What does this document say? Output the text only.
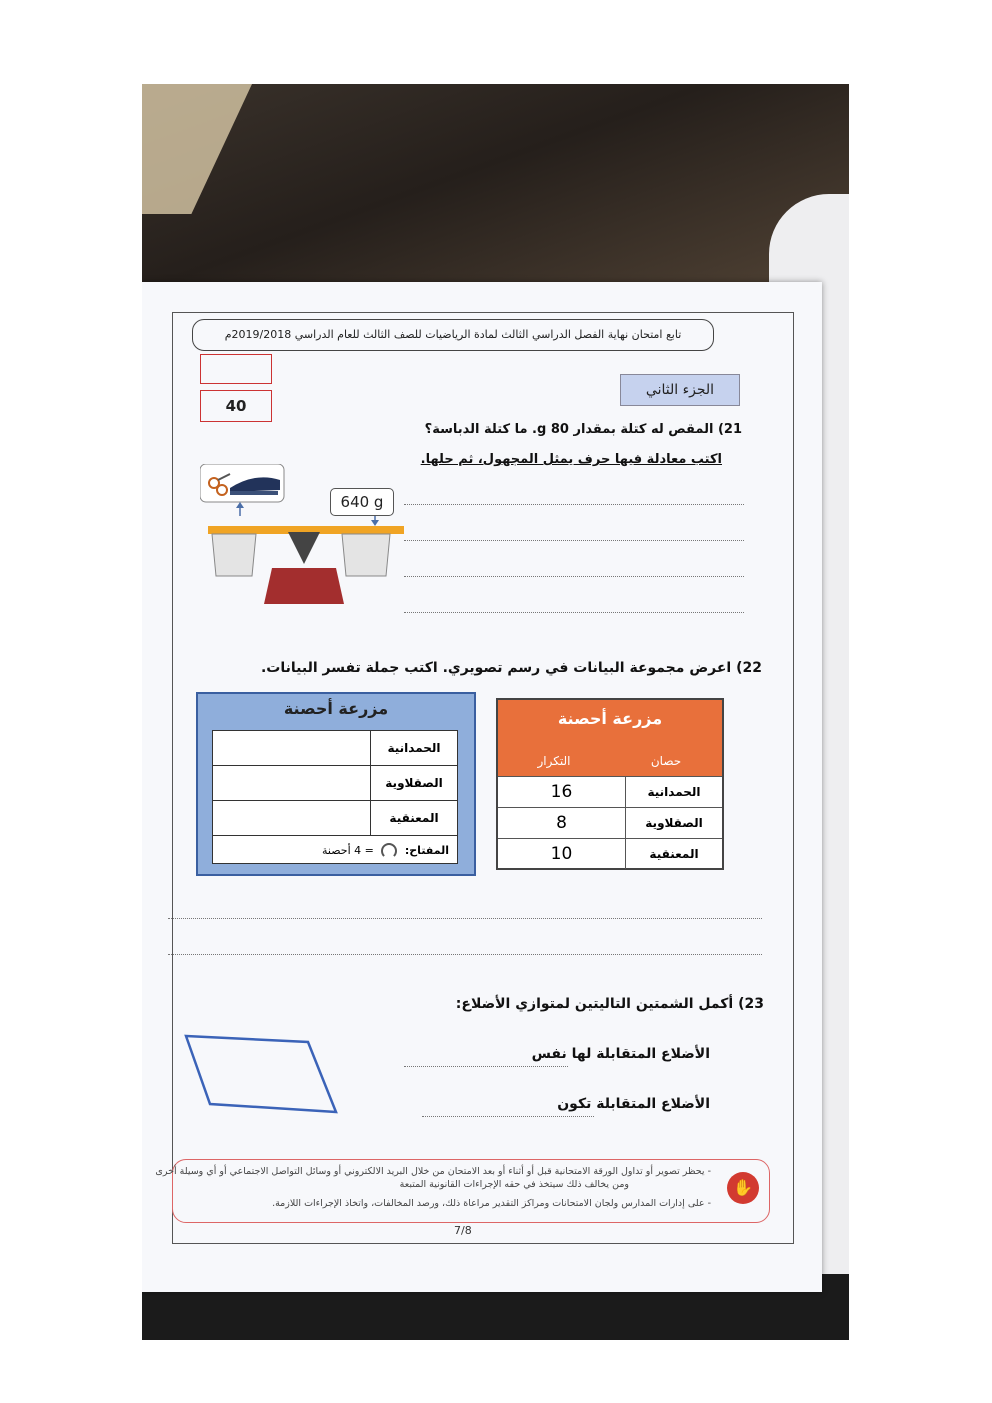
تابع امتحان نهاية الفصل الدراسي الثالث لمادة الرياضيات للصف الثالث للعام الدراسي 2019/2018م
40
الجزء الثاني
21) المقص له كتلة بمقدار 80 g. ما كتلة الدباسة؟
اكتب معادلة فيها حرف يمثل المجهول، ثم حلها.
640 g
22) اعرض مجموعة البيانات في رسم تصويري. اكتب جملة تفسر البيانات.
مزرعة أحصنة
التكرار	حصان
الحمدانية
16
الصقلاوية
8
المعنقية
10
مزرعة أحصنة
الحمدانية
الصقلاوية
المعنقية
المفتاح:  = 4 أحصنة
23) أكمل الشمتين التاليتين لمتوازي الأضلاع:
الأضلاع المتقابلة لها نفس
الأضلاع المتقابلة تكون
- يحظر تصوير أو تداول الورقة الامتحانية قبل أو أثناء أو بعد الامتحان من خلال البريد الالكتروني أو وسائل التواصل الاجتماعي أو أي وسيلة أخرى
ومن يخالف ذلك سيتخذ في حقه الإجراءات القانونية المتبعة
- على إدارات المدارس ولجان الامتحانات ومراكز التقدير مراعاة ذلك، ورصد المخالفات، واتخاذ الإجراءات اللازمة.
✋
7/8
